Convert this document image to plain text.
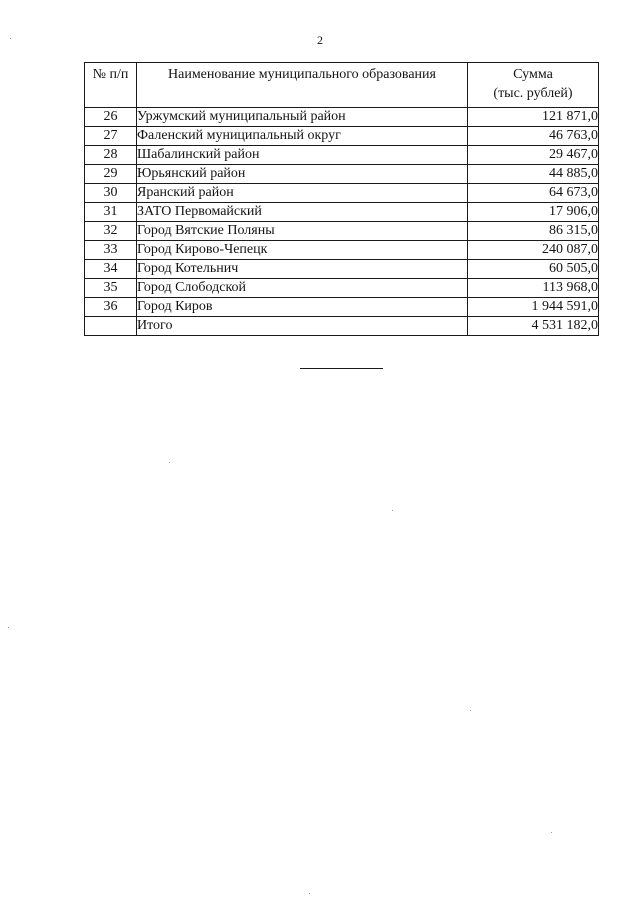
2
№ п/п	Наименование муниципального образования	Сумма
(тыс. рублей)

26	Уржумский муниципальный район	121 871,0
27	Фаленский муниципальный округ	46 763,0
28	Шабалинский район	29 467,0
29	Юрьянский район	44 885,0
30	Яранский район	64 673,0
31	ЗАТО Первомайский	17 906,0
32	Город Вятские Поляны	86 315,0
33	Город Кирово-Чепецк	240 087,0
34	Город Котельнич	60 505,0
35	Город Слободской	113 968,0
36	Город Киров	1 944 591,0
	Итого	4 531 182,0
